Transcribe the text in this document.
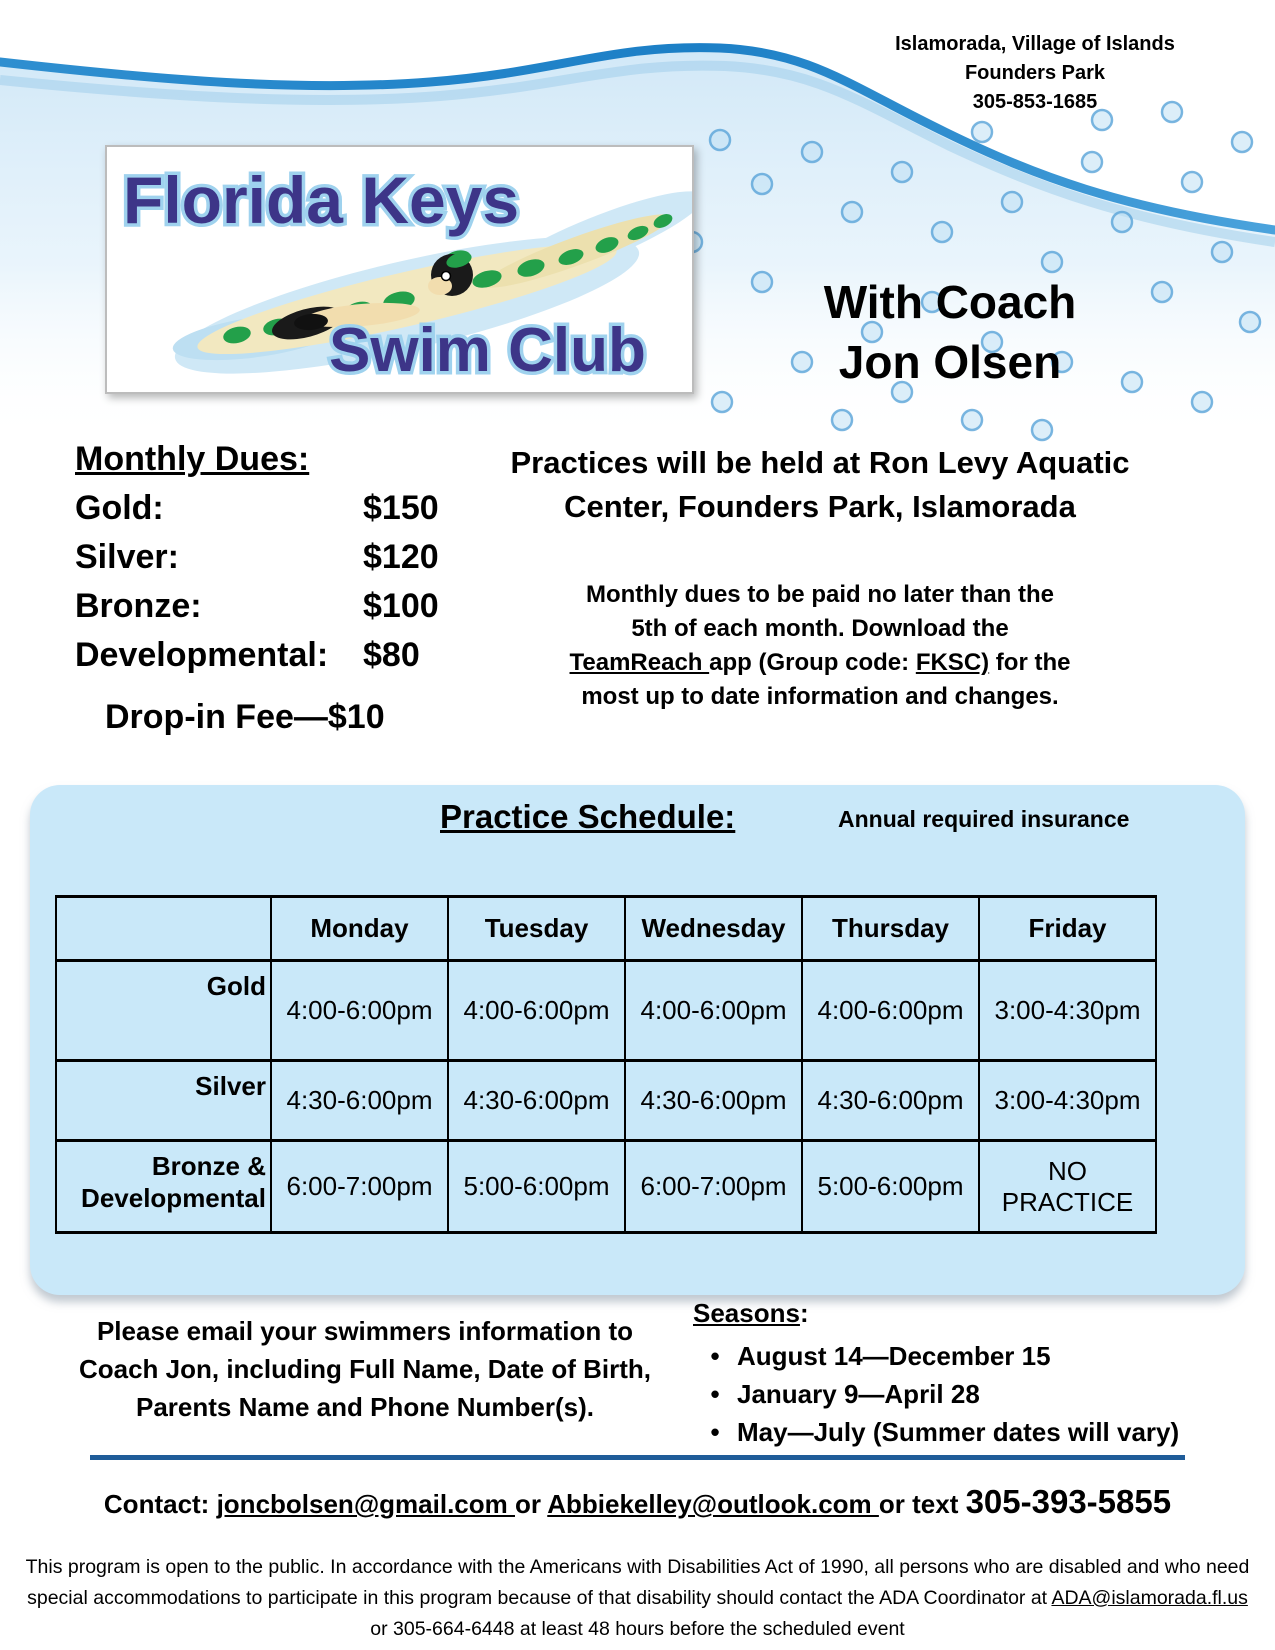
Islamorada, Village of Islands
Founders Park
305-853-1685
Florida Keys
Swim Club
With Coach
Jon Olsen
Monthly Dues:
Gold:	$150
Silver:	$120
Bronze:	$100
Developmental:	$80
Drop-in Fee—$10
Practices will be held at Ron Levy Aquatic
Center, Founders Park, Islamorada
Monthly dues to be paid no later than the
5th of each month. Download the
TeamReach app (Group code: FKSC) for the
most up to date information and changes.
Practice Schedule:	Annual required insurance
	Monday	Tuesday	Wednesday	Thursday	Friday
Gold	4:00-6:00pm	4:00-6:00pm	4:00-6:00pm	4:00-6:00pm	3:00-4:30pm
Silver	4:30-6:00pm	4:30-6:00pm	4:30-6:00pm	4:30-6:00pm	3:00-4:30pm
Bronze & Developmental	6:00-7:00pm	5:00-6:00pm	6:00-7:00pm	5:00-6:00pm	NO PRACTICE
Please email your swimmers information to
Coach Jon, including Full Name, Date of Birth,
Parents Name and Phone Number(s).
Seasons:
• August 14—December 15
• January 9—April 28
• May—July (Summer dates will vary)
Contact: joncbolsen@gmail.com or Abbiekelley@outlook.com or text 305-393-5855
This program is open to the public. In accordance with the Americans with Disabilities Act of 1990, all persons who are disabled and who need
special accommodations to participate in this program because of that disability should contact the ADA Coordinator at ADA@islamorada.fl.us
or 305-664-6448 at least 48 hours before the scheduled event
